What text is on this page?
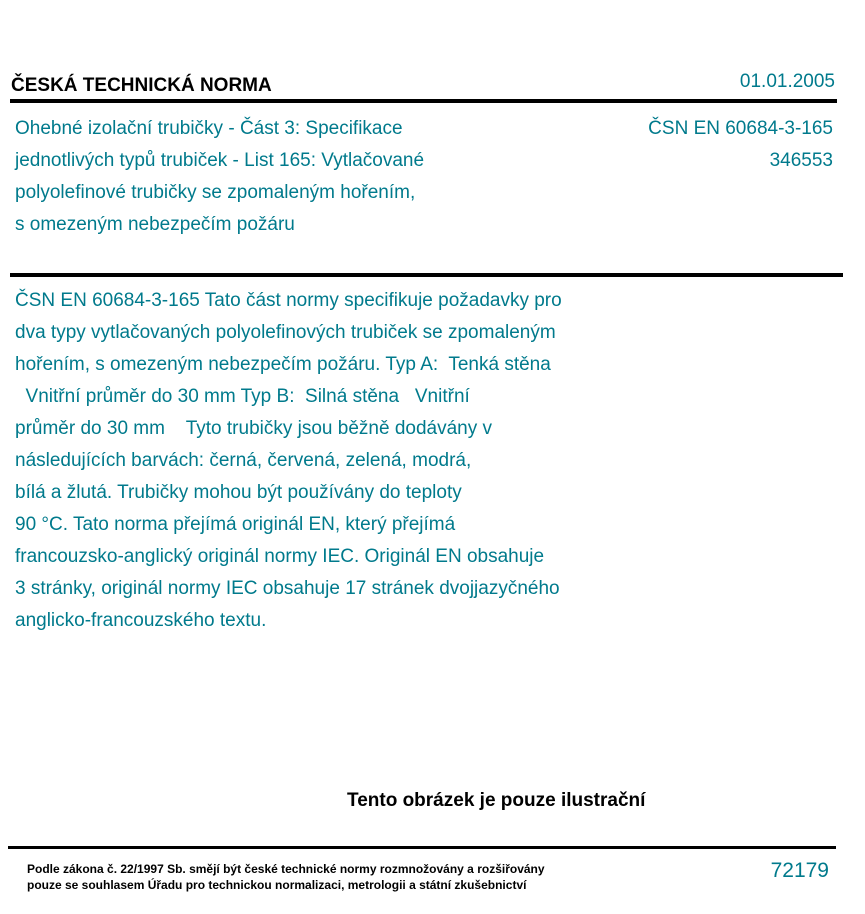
ČESKÁ TECHNICKÁ NORMA	01.01.2005
Ohebné izolační trubičky - Část 3: Specifikace
jednotlivých typů trubiček - List 165: Vytlačované
polyolefinové trubičky se zpomaleným hořením,
s omezeným nebezpečím požáru
ČSN EN 60684-3-165
346553
ČSN EN 60684-3-165 Tato část normy specifikuje požadavky pro
dva typy vytlačovaných polyolefinových trubiček se zpomaleným
hořením, s omezeným nebezpečím požáru. Typ A:  Tenká stěna
Vnitřní průměr do 30 mm Typ B:  Silná stěna   Vnitřní
průměr do 30 mm    Tyto trubičky jsou běžně dodávány v
následujících barvách: černá, červená, zelená, modrá,
bílá a žlutá. Trubičky mohou být používány do teploty
90 °C. Tato norma přejímá originál EN, který přejímá
francouzsko-anglický originál normy IEC. Originál EN obsahuje
3 stránky, originál normy IEC obsahuje 17 stránek dvojjazyčného
anglicko-francouzského textu.
Tento obrázek je pouze ilustrační
Podle zákona č. 22/1997 Sb. smějí být české technické normy rozmnožovány a rozšiřovány
pouze se souhlasem Úřadu pro technickou normalizaci, metrologii a státní zkušebnictví
72179
